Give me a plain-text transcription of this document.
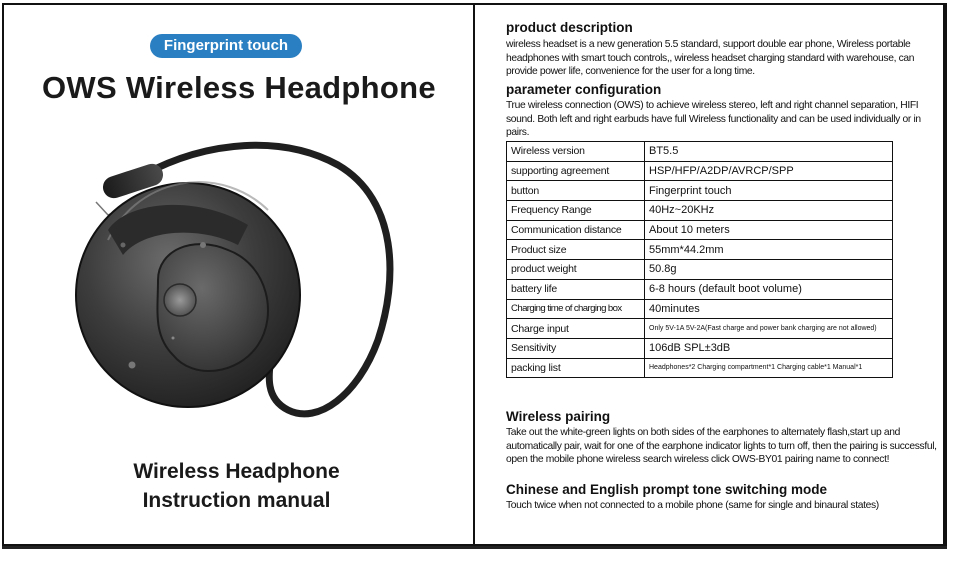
Fingerprint touch
OWS Wireless Headphone
Wireless Headphone
Instruction manual
product description
wireless headset is a new generation 5.5 standard, support double ear phone, Wireless portable headphones with smart touch controls,, wireless headset charging standard with warehouse, can provide power life, convenience for the user for a long time.
parameter configuration
True wireless connection (OWS) to achieve wireless stereo, left and right channel separation, HIFI sound. Both left and right earbuds have full Wireless functionality and can be used individually or in pairs.
Wireless version	BT5.5
supporting agreement	HSP/HFP/A2DP/AVRCP/SPP
button	Fingerprint touch
Frequency Range	40Hz~20KHz
Communication distance	About 10 meters
Product size	55mm*44.2mm
product weight	50.8g
battery life	6-8 hours (default boot volume)
Charging time of charging box	40minutes
Charge input	Only 5V-1A 5V-2A(Fast charge and power bank charging are not allowed)
Sensitivity	106dB SPL±3dB
packing list	Headphones*2 Charging compartment*1 Charging cable*1 Manual*1
Wireless pairing
Take out the white-green lights on both sides of the earphones to alternately flash,start up and automatically pair, wait for one of the earphone indicator lights to turn off, then the pairing is successful, open the mobile phone wireless search wireless click OWS-BY01 pairing name to connect!
Chinese and English prompt tone switching mode
Touch twice when not connected to a mobile phone (same for single and binaural states)
